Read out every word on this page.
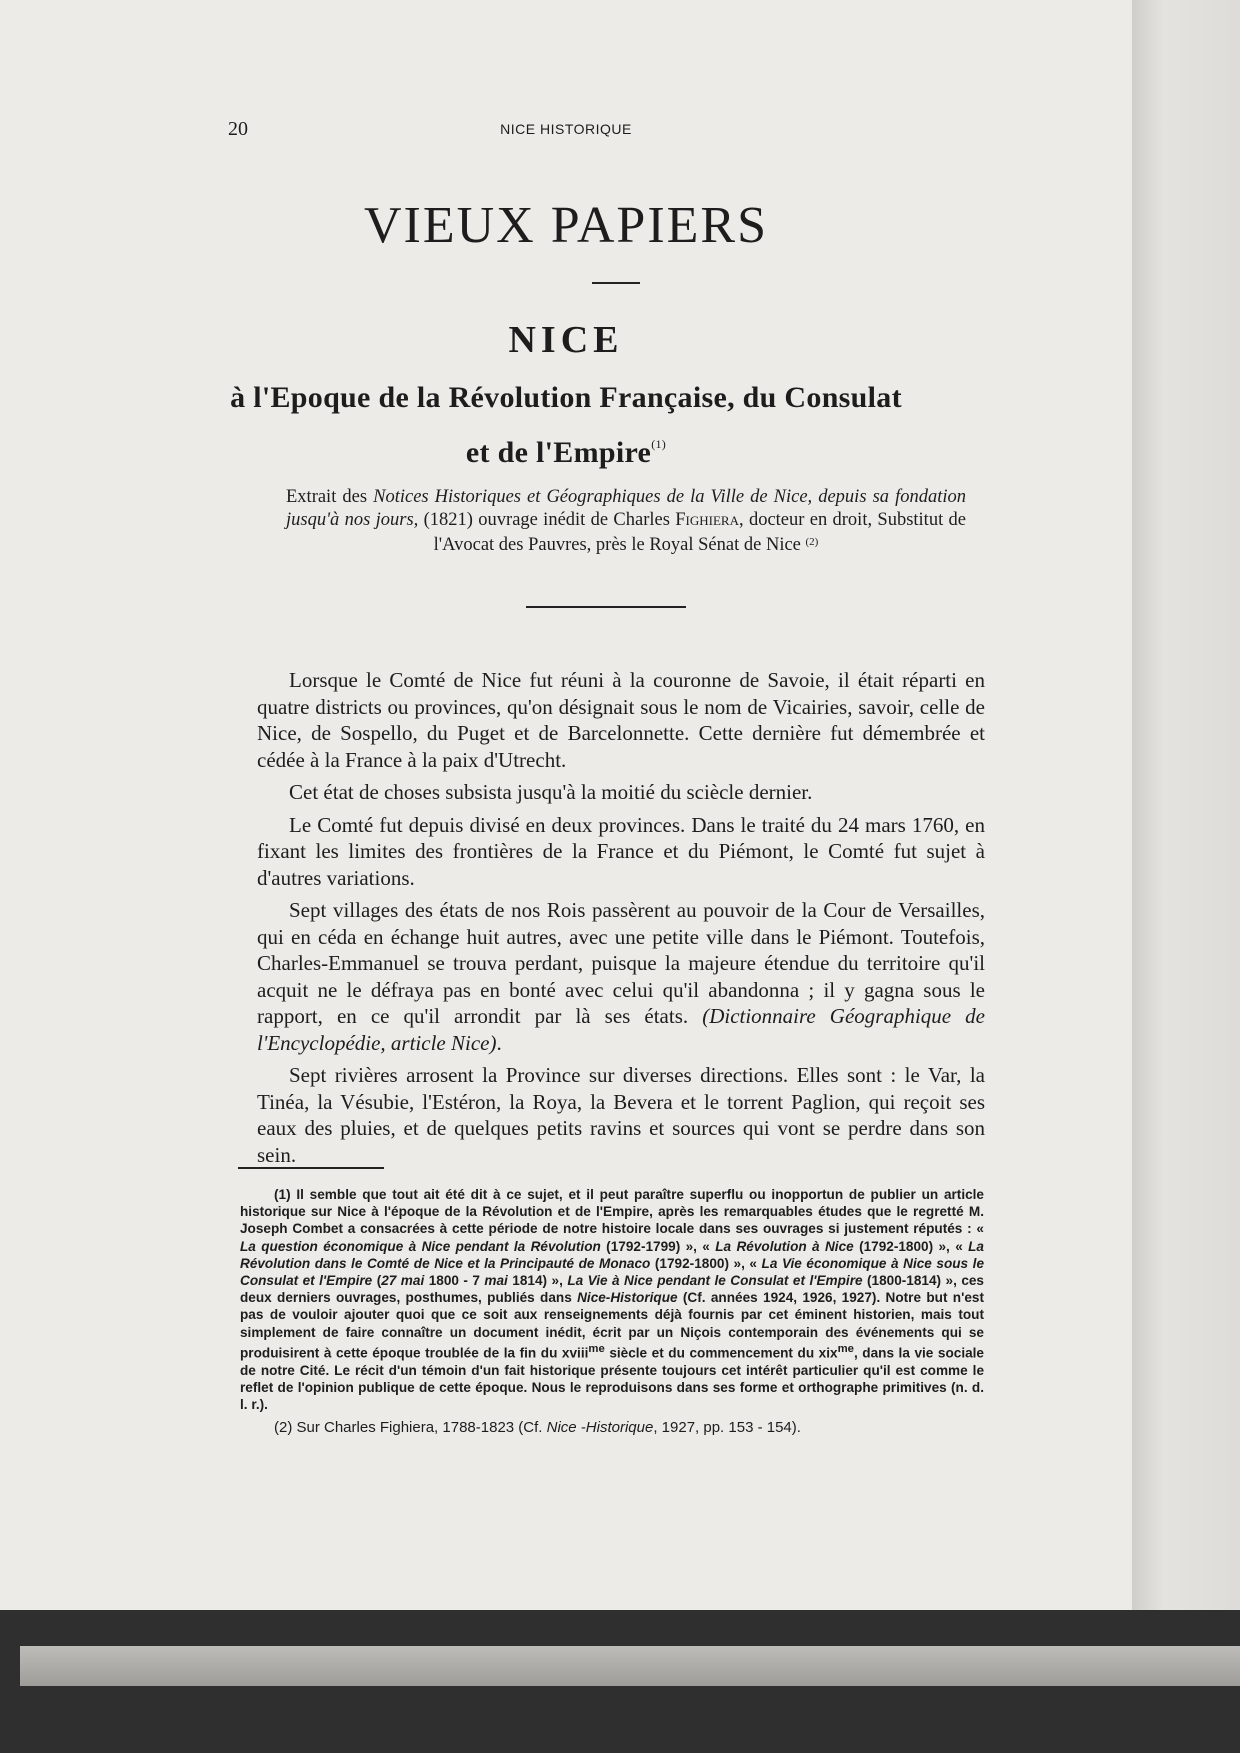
20	NICE HISTORIQUE
VIEUX PAPIERS
NICE
à l'Epoque de la Révolution Française, du Consulat
et de l'Empire$^{(1)}$
Extrait des Notices Historiques et Géographiques de la Ville de Nice, depuis sa fondation jusqu'à nos jours, (1821) ouvrage inédit de Charles Fighiera, docteur en droit, Substitut de l'Avocat des Pauvres, près le Royal Sénat de Nice $^{(2)}$

Lorsque le Comté de Nice fut réuni à la couronne de Savoie, il était réparti en quatre districts ou provinces, qu'on désignait sous le nom de Vicairies, savoir, celle de Nice, de Sospello, du Puget et de Barcelonnette. Cette dernière fut démembrée et cédée à la France à la paix d'Utrecht.

Cet état de choses subsista jusqu'à la moitié du sciècle dernier.

Le Comté fut depuis divisé en deux provinces. Dans le traité du 24 mars 1760, en fixant les limites des frontières de la France et du Piémont, le Comté fut sujet à d'autres variations.

Sept villages des états de nos Rois passèrent au pouvoir de la Cour de Versailles, qui en céda en échange huit autres, avec une petite ville dans le Piémont. Toutefois, Charles-Emmanuel se trouva perdant, puisque la majeure étendue du territoire qu'il acquit ne le défraya pas en bonté avec celui qu'il abandonna ; il y gagna sous le rapport, en ce qu'il arrondit par là ses états. (Dictionnaire Géographique de l'Encyclopédie, article Nice).

Sept rivières arrosent la Province sur diverses directions. Elles sont : le Var, la Tinéa, la Vésubie, l'Estéron, la Roya, la Bevera et le torrent Paglion, qui reçoit ses eaux des pluies, et de quelques petits ravins et sources qui vont se perdre dans son sein.

(1) Il semble que tout ait été dit à ce sujet, et il peut paraître superflu ou inopportun de publier un article historique sur Nice à l'époque de la Révolution et de l'Empire, après les remarquables études que le regretté M. Joseph Combet a consacrées à cette période de notre histoire locale dans ses ouvrages si justement réputés : « La question économique à Nice pendant la Révolution (1792-1799) », « La Révolution à Nice (1792-1800) », « La Révolution dans le Comté de Nice et la Principauté de Monaco (1792-1800) », « La Vie économique à Nice sous le Consulat et l'Empire (27 mai 1800 - 7 mai 1814) », La Vie à Nice pendant le Consulat et l'Empire (1800-1814) », ces deux derniers ouvrages, posthumes, publiés dans Nice-Historique (Cf. années 1924, 1926, 1927). Notre but n'est pas de vouloir ajouter quoi que ce soit aux renseignements déjà fournis par cet éminent historien, mais tout simplement de faire connaître un document inédit, écrit par un Niçois contemporain des événements qui se produisirent à cette époque troublée de la fin du xviii$^{me}$ siècle et du commencement du xix$^{me}$, dans la vie sociale de notre Cité. Le récit d'un témoin d'un fait historique présente toujours cet intérêt particulier qu'il est comme le reflet de l'opinion publique de cette époque. Nous le reproduisons dans ses forme et orthographe primitives (n. d. l. r.).

(2) Sur Charles Fighiera, 1788-1823 (Cf. Nice -Historique, 1927, pp. 153 - 154).
